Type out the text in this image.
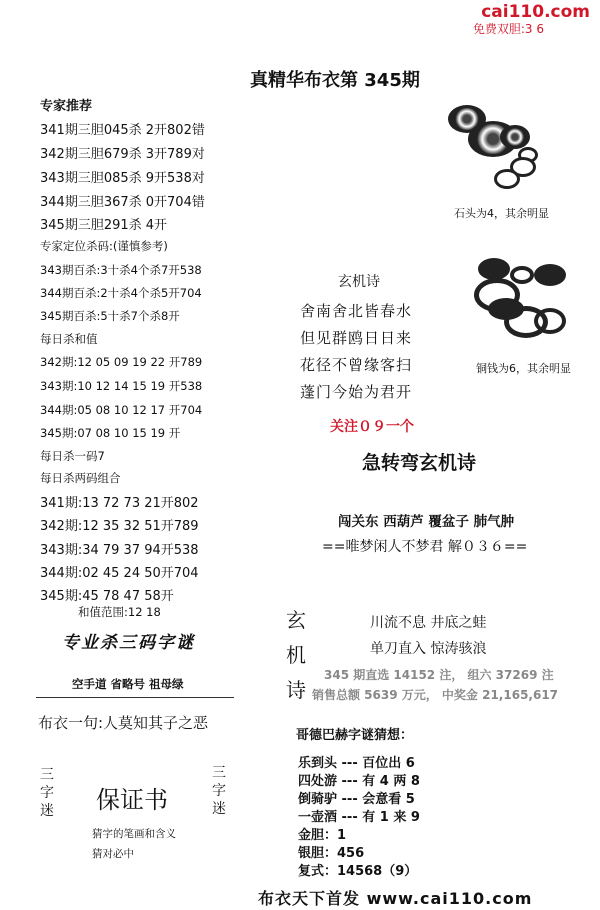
cai110.com
免费双胆:3 6
真精华布衣第 345期
专家推荐
341期三胆045杀 2开802错
342期三胆679杀 3开789对
343期三胆085杀 9开538对
344期三胆367杀 0开704错
345期三胆291杀 4开
专家定位杀码:(谨慎参考)
343期百杀:3十杀4个杀7开538
344期百杀:2十杀4个杀5开704
345期百杀:5十杀7个杀8开
每日杀和值
342期:12 05 09 19 22 开789
343期:10 12 14 15 19 开538
344期:05 08 10 12 17 开704
345期:07 08 10 15 19 开
每日杀一码7
每日杀两码组合
341期:13 72 73 21开802
342期:12 35 32 51开789
343期:34 79 37 94开538
344期:02 45 24 50开704
345期:45 78 47 58开
和值范围:12 18
专业杀三码字谜
空手道 省略号 祖母绿
布衣一句:人莫知其子之恶
三字迷 保证书
三字迷
猜字的笔画和含义
猜对必中
石头为4，其余明显
铜钱为6，其余明显
玄机诗
舍南舍北皆春水
但见群鸥日日来
花径不曾缘客扫
蓬门今始为君开
关注０９一个
急转弯玄机诗
闯关东 西葫芦 覆盆子 肺气肿
==唯梦闲人不梦君 解０３６==
玄
机
诗
川流不息 井底之蛙
单刀直入 惊涛骇浪
345 期直选 14152 注， 组六 37269 注
销售总额 5639 万元， 中奖金 21,165,617
哥德巴赫字谜猜想：
乐到头 --- 百位出 6
四处游 --- 有 4 两 8
倒骑驴 --- 会意看 5
一壶酒 --- 有 1 来 9
金胆：1
银胆：456
复式：14568（9）
布衣天下首发 www.cai110.com
